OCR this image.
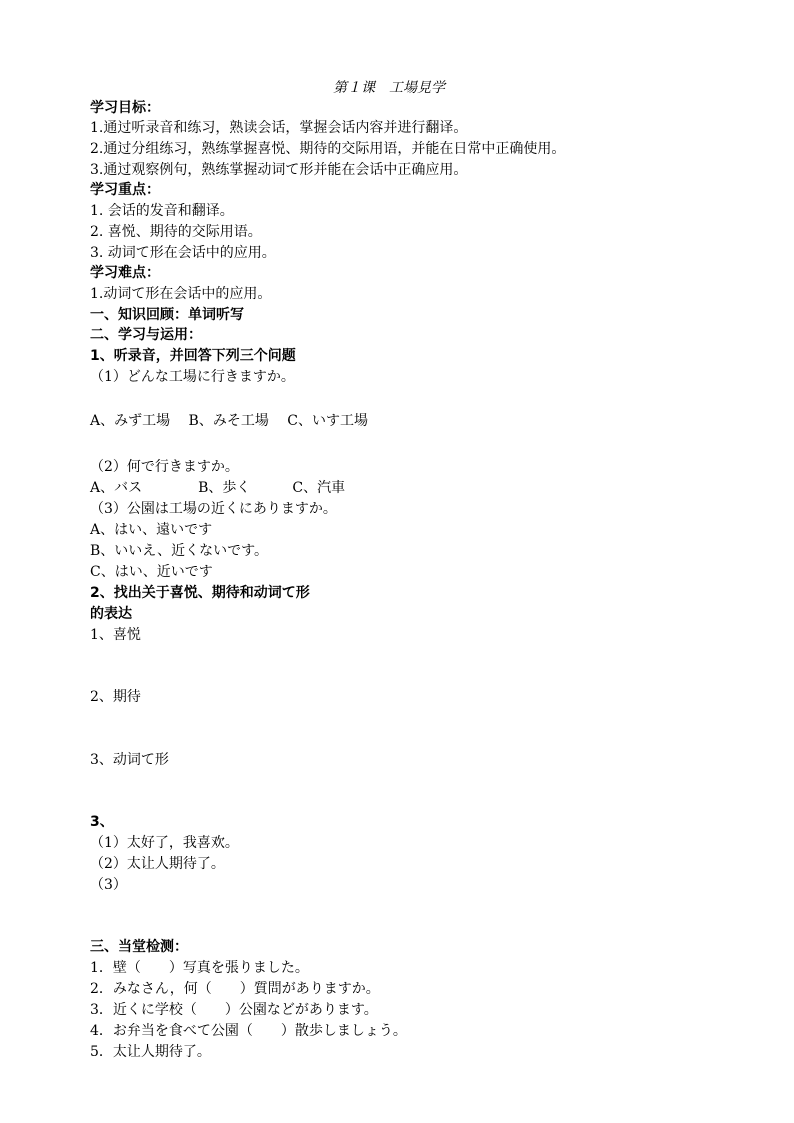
第１课　工場見学
学习目标：
1.通过听录音和练习，熟读会话，掌握会话内容并进行翻译。
2.通过分组练习，熟练掌握喜悦、期待的交际用语，并能在日常中正确使用。
3.通过观察例句，熟练掌握动词て形并能在会话中正确应用。
学习重点：
1. 会话的发音和翻译。
2. 喜悦、期待的交际用语。
3. 动词て形在会话中的应用。
学习难点：
1.动词て形在会话中的应用。
一、知识回顾：单词听写
二、学习与运用：
1、听录音，并回答下列三个问题
（1）どんな工場に行きますか。
A、みず工場　 B、みそ工場　 C、いす工場
（2）何で行きますか。
A、バス　　　　B、歩く　　　C、汽車
（3）公園は工場の近くにありますか。
A、はい、遠いです
B、いいえ、近くないです。
C、はい、近いです
2、找出关于喜悦、期待和动词て形
的表达
1、喜悦
2、期待
3、动词て形
3、
（1）太好了，我喜欢。
（2）太让人期待了。
（3）
三、当堂检测：
1．壁（　　）写真を張りました。
2．みなさん，何（　　）質問がありますか。
3．近くに学校（　　）公園などがあります。
4．お弁当を食べて公園（　　）散歩しましょう。
5．太让人期待了。
